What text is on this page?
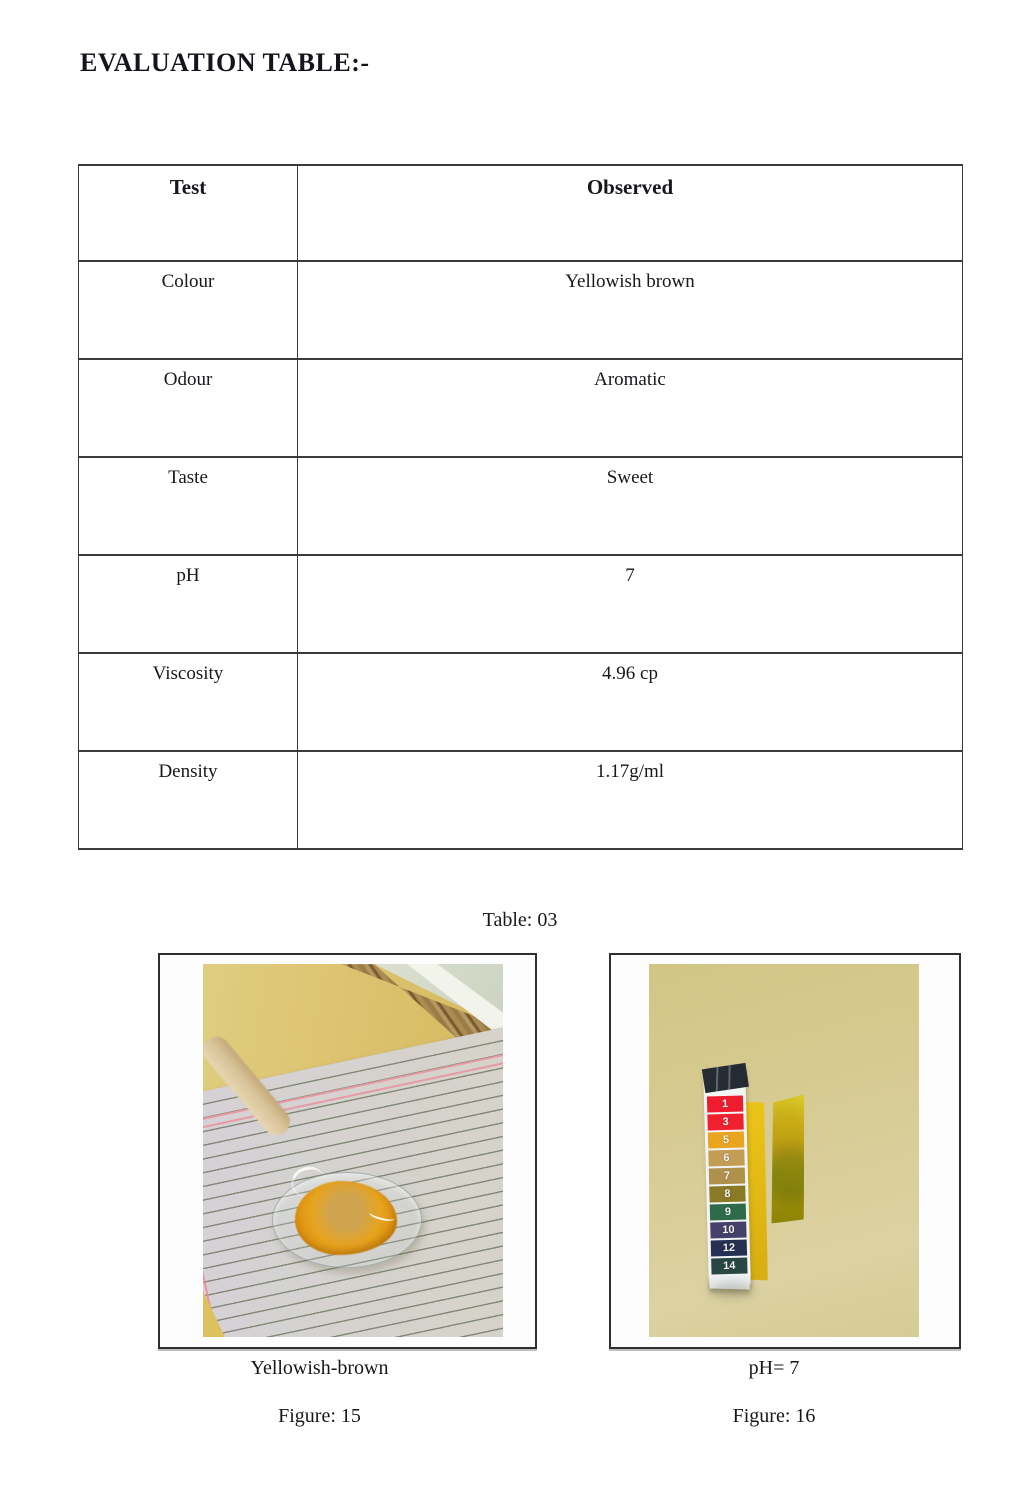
EVALUATION TABLE:-
Test	Observed
Colour	Yellowish brown
Odour	Aromatic
Taste	Sweet
pH	7
Viscosity	4.96 cp
Density	1.17g/ml
Table: 03
1
3
5
6
7
8
9
10
12
14
Yellowish-brown	pH= 7
Figure: 15	Figure: 16
